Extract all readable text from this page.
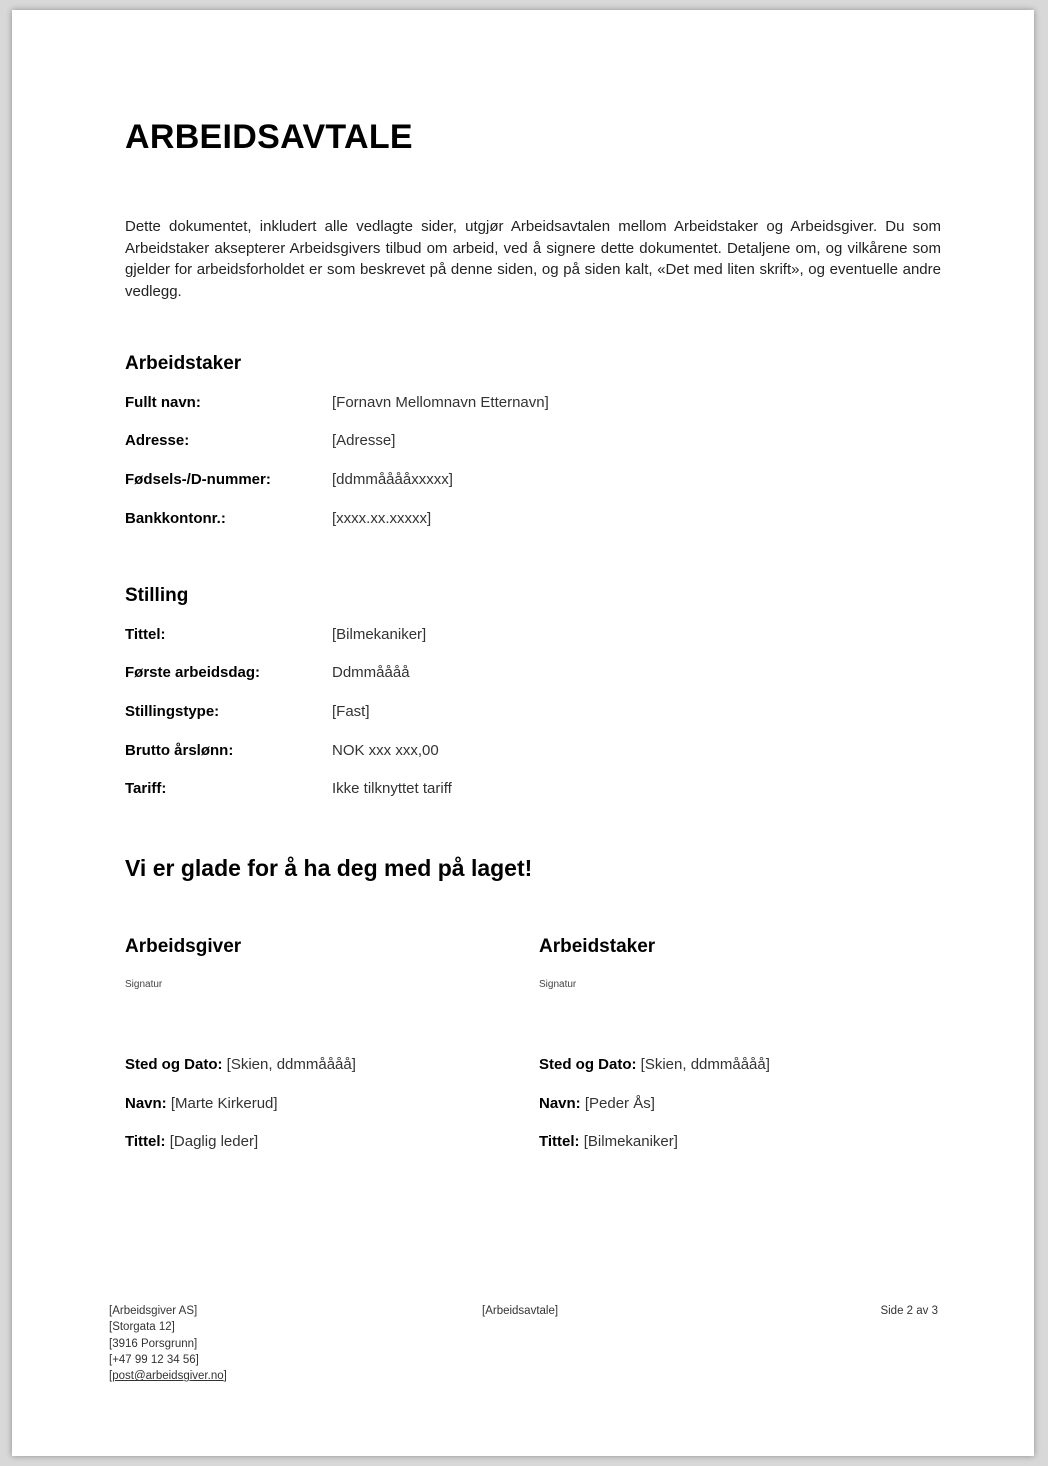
ARBEIDSAVTALE

Dette dokumentet, inkludert alle vedlagte sider, utgjør Arbeidsavtalen mellom Arbeidstaker og Arbeidsgiver. Du som Arbeidstaker aksepterer Arbeidsgivers tilbud om arbeid, ved å signere dette dokumentet. Detaljene om, og vilkårene som gjelder for arbeidsforholdet er som beskrevet på denne siden, og på siden kalt, «Det med liten skrift», og eventuelle andre vedlegg.

Arbeidstaker
Fullt navn:	[Fornavn Mellomnavn Etternavn]
Adresse:	[Adresse]
Fødsels-/D-nummer:	[ddmmååååxxxxx]
Bankkontonr.:	[xxxx.xx.xxxxx]
Stilling
Tittel:	[Bilmekaniker]
Første arbeidsdag:	Ddmmåååå
Stillingstype:	[Fast]
Brutto årslønn:	NOK xxx xxx,00
Tariff:	Ikke tilknyttet tariff
Vi er glade for å ha deg med på laget!
Arbeidsgiver
Signatur
Sted og Dato: [Skien, ddmmåååå]
Navn: [Marte Kirkerud]
Tittel: [Daglig leder]
Arbeidstaker
Signatur
Sted og Dato: [Skien, ddmmåååå]
Navn: [Peder Ås]
Tittel: [Bilmekaniker]
[Arbeidsgiver AS]
[Storgata 12]
[3916 Porsgrunn]
[+47 99 12 34 56]
[post@arbeidsgiver.no]
[Arbeidsavtale]	Side 2 av 3
